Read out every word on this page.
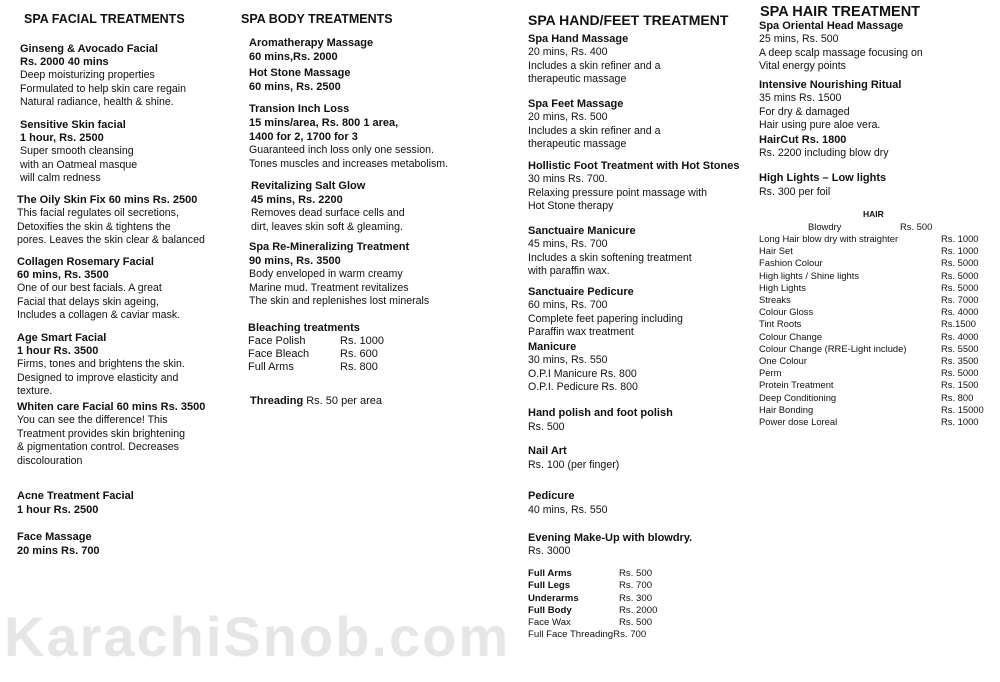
SPA FACIAL TREATMENTS
Ginseng & Avocado Facial
Rs. 2000 40 mins
Deep moisturizing properties
Formulated to help skin care regain
Natural radiance, health & shine.
Sensitive Skin facial
1 hour, Rs. 2500
Super smooth cleansing
with an Oatmeal masque
will calm redness
The Oily Skin Fix 60 mins Rs. 2500
This facial regulates oil secretions,
Detoxifies the skin & tightens the
pores. Leaves the skin clear & balanced
Collagen Rosemary Facial
60 mins, Rs. 3500
One of our best facials. A great
Facial that delays skin ageing,
Includes a collagen & caviar mask.
Age Smart Facial
1 hour Rs. 3500
Firms, tones and brightens the skin.
Designed to improve elasticity and
texture.
Whiten care Facial 60 mins Rs. 3500
You can see the difference! This
Treatment provides skin brightening
& pigmentation control. Decreases
discolouration
Acne Treatment Facial
1 hour Rs. 2500
Face Massage
20 mins Rs. 700
SPA BODY TREATMENTS
Aromatherapy Massage
60 mins,Rs. 2000
Hot Stone Massage
60 mins, Rs. 2500
Transion Inch Loss
15 mins/area, Rs. 800 1 area,
1400 for 2, 1700 for 3
Guaranteed inch loss only one session.
Tones muscles and increases metabolism.
Revitalizing Salt Glow
45 mins, Rs. 2200
Removes dead surface cells and
dirt, leaves skin soft & gleaming.
Spa Re-Mineralizing Treatment
90 mins, Rs. 3500
Body enveloped in warm creamy
Marine mud. Treatment revitalizes
The skin and replenishes lost minerals
Bleaching treatments
Face Polish	Rs. 1000
Face Bleach	Rs. 600
Full Arms	Rs. 800
Threading Rs. 50 per area
SPA HAND/FEET TREATMENT
Spa Hand Massage
20 mins, Rs. 400
Includes a skin refiner and a
therapeutic massage
Spa Feet Massage
20 mins, Rs. 500
Includes a skin refiner and a
therapeutic massage
Hollistic Foot Treatment with Hot Stones
30 mins Rs. 700.
Relaxing pressure point massage with
Hot Stone therapy
Sanctuaire Manicure
45 mins, Rs. 700
Includes a skin softening treatment
with paraffin wax.
Sanctuaire Pedicure
60 mins, Rs. 700
Complete feet papering including
Paraffin wax treatment
Manicure
30 mins, Rs. 550
O.P.I Manicure Rs. 800
O.P.I. Pedicure Rs. 800
Hand polish and foot polish
Rs. 500
Nail Art
Rs. 100 (per finger)
Pedicure
40 mins, Rs. 550
Evening Make-Up with blowdry.
Rs. 3000
Full Arms	Rs. 500
Full Legs	Rs. 700
Underarms	Rs. 300
Full Body	Rs. 2000
Face Wax	Rs. 500
Full Face Threading Rs. 700
SPA HAIR TREATMENT
Spa Oriental Head Massage
25 mins, Rs. 500
A deep scalp massage focusing on
Vital energy points
Intensive Nourishing Ritual
35 mins Rs. 1500
For dry & damaged
Hair using pure aloe vera.
HairCut Rs. 1800
Rs. 2200 including blow dry
High Lights – Low lights
Rs. 300 per foil
HAIR
Blowdry	Rs. 500
Long Hair blow dry with straighter	Rs. 1000
Hair Set	Rs. 1000
Fashion Colour	Rs. 5000
High lights / Shine lights	Rs. 5000
High Lights	Rs. 5000
Streaks	Rs. 7000
Colour Gloss	Rs. 4000
Tint Roots	Rs.1500
Colour Change	Rs. 4000
Colour Change (RRE-Light include)	Rs. 5500
One Colour	Rs. 3500
Perm	Rs. 5000
Protein Treatment	Rs. 1500
Deep Conditioning	Rs. 800
Hair Bonding	Rs. 15000
Power dose Loreal	Rs. 1000
KarachiSnob.com
